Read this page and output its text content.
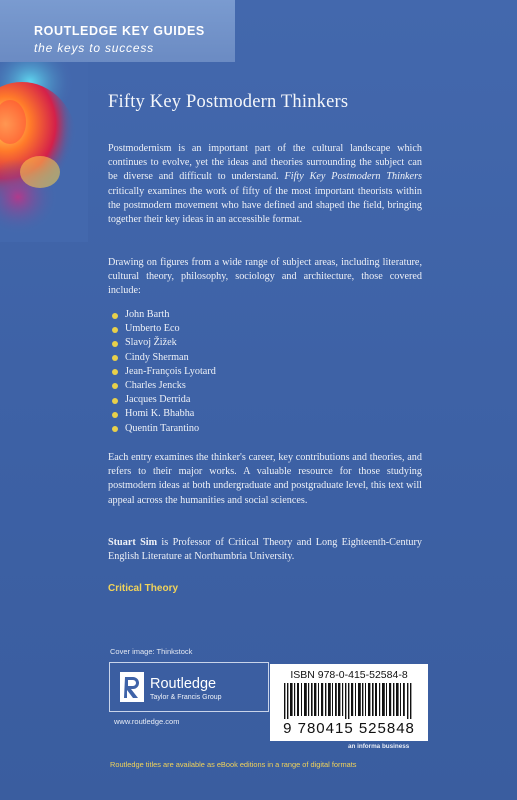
ROUTLEDGE KEY GUIDES
the keys to success
Fifty Key Postmodern Thinkers
Postmodernism is an important part of the cultural landscape which continues to evolve, yet the ideas and theories surrounding the subject can be diverse and difficult to understand. Fifty Key Postmodern Thinkers critically examines the work of fifty of the most important theorists within the postmodern movement who have defined and shaped the field, bringing together their key ideas in an accessible format.
Drawing on figures from a wide range of subject areas, including literature, cultural theory, philosophy, sociology and architecture, those covered include:
John Barth
Umberto Eco
Slavoj Žižek
Cindy Sherman
Jean-François Lyotard
Charles Jencks
Jacques Derrida
Homi K. Bhabha
Quentin Tarantino
Each entry examines the thinker's career, key contributions and theories, and refers to their major works. A valuable resource for those studying postmodern ideas at both undergraduate and postgraduate level, this text will appeal across the humanities and social sciences.
Stuart Sim is Professor of Critical Theory and Long Eighteenth-Century English Literature at Northumbria University.
Critical Theory
Cover image: Thinkstock
Routledge
Taylor & Francis Group
www.routledge.com
ISBN 978-0-415-52584-8
9 780415 525848
an informa business
Routledge titles are available as eBook editions in a range of digital formats
